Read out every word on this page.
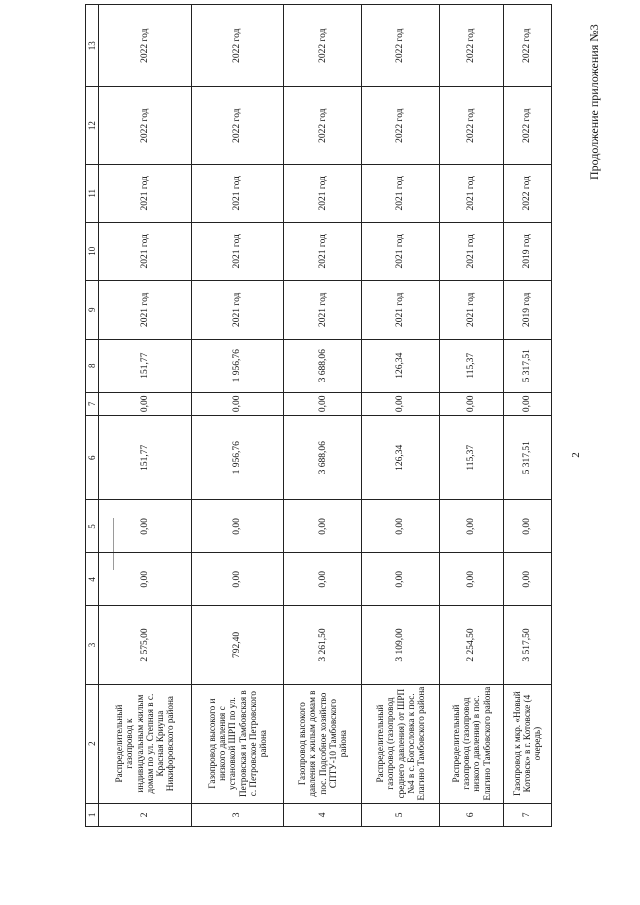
2
Продолжение приложения №3
1	2	3	4	5	6	7	8	9	10	11	12	13
2	Распределительный газопровод к индивидуальным жилым домам по ул. Степная в с. Красная Криуша Никифоровского района	2 575,00	0,00	0,00	151,77	0,00	151,77	2021 год	2021 год	2021 год	2022 год	2022 год
3	Газопровод высокого и низкого давления с установкой ШРП по ул. Петровская и Тамбовская в с. Петровское Петровского района	792,40	0,00	0,00	1 956,76	0,00	1 956,76	2021 год	2021 год	2021 год	2022 год	2022 год
4	Газопровод высокого давления к жилым домам в пос. Подсобное хозяйство СПТУ-10 Тамбовского района	3 261,50	0,00	0,00	3 688,06	0,00	3 688,06	2021 год	2021 год	2021 год	2022 год	2022 год
5	Распределительный газопровод (газопровод среднего давления) от ШРП №4 в с. Богословка к пос. Елагино Тамбовского района	3 109,00	0,00	0,00	126,34	0,00	126,34	2021 год	2021 год	2021 год	2022 год	2022 год
6	Распределительный газопровод (газопровод низкого давления) в пос. Елагино Тамбовского района	2 254,50	0,00	0,00	115,37	0,00	115,37	2021 год	2021 год	2021 год	2022 год	2022 год
7	Газопровод к мкр. «Новый Котовск» в г. Котовске (4 очередь)	3 517,50	0,00	0,00	5 317,51	0,00	5 317,51	2019 год	2019 год	2022 год	2022 год	2022 год
